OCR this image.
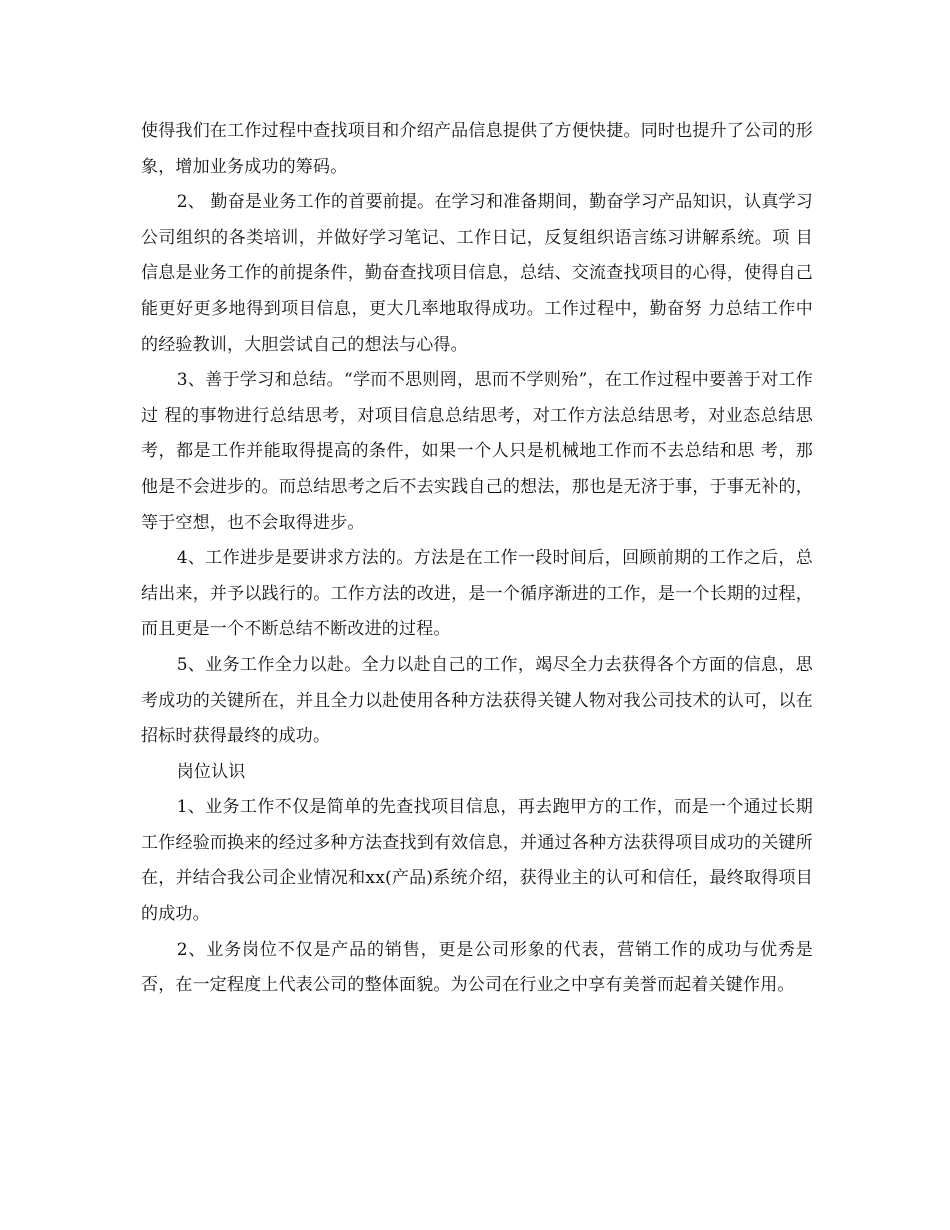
使得我们在工作过程中查找项目和介绍产品信息提供了方便快捷。同时也提升了公司的形象，增加业务成功的筹码。

2、 勤奋是业务工作的首要前提。在学习和准备期间，勤奋学习产品知识，认真学习公司组织的各类培训，并做好学习笔记、工作日记，反复组织语言练习讲解系统。项 目信息是业务工作的前提条件，勤奋查找项目信息，总结、交流查找项目的心得，使得自己能更好更多地得到项目信息，更大几率地取得成功。工作过程中，勤奋努 力总结工作中的经验教训，大胆尝试自己的想法与心得。

3、善于学习和总结。“学而不思则罔，思而不学则殆”，在工作过程中要善于对工作过 程的事物进行总结思考，对项目信息总结思考，对工作方法总结思考，对业态总结思考，都是工作并能取得提高的条件，如果一个人只是机械地工作而不去总结和思 考，那他是不会进步的。而总结思考之后不去实践自己的想法，那也是无济于事，于事无补的，等于空想，也不会取得进步。

4、工作进步是要讲求方法的。方法是在工作一段时间后，回顾前期的工作之后，总结出来，并予以践行的。工作方法的改进，是一个循序渐进的工作，是一个长期的过程，而且更是一个不断总结不断改进的过程。

5、业务工作全力以赴。全力以赴自己的工作，竭尽全力去获得各个方面的信息，思考成功的关键所在，并且全力以赴使用各种方法获得关键人物对我公司技术的认可，以在招标时获得最终的成功。

岗位认识

1、业务工作不仅是简单的先查找项目信息，再去跑甲方的工作，而是一个通过长期工作经验而换来的经过多种方法查找到有效信息，并通过各种方法获得项目成功的关键所在，并结合我公司企业情况和xx(产品)系统介绍，获得业主的认可和信任，最终取得项目的成功。

2、业务岗位不仅是产品的销售，更是公司形象的代表，营销工作的成功与优秀是否，在一定程度上代表公司的整体面貌。为公司在行业之中享有美誉而起着关键作用。
